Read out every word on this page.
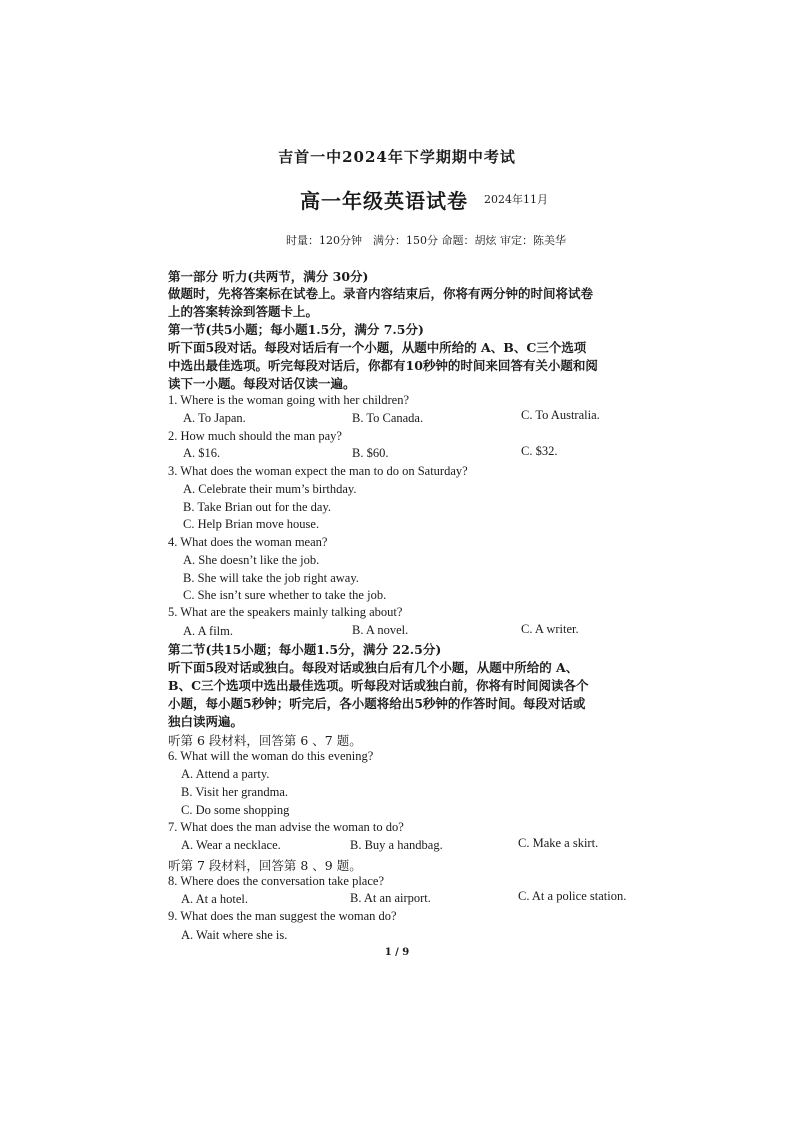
吉首一中2024年下学期期中考试
高一年级英语试卷 2024年11月
时量：120分钟　满分：150分 命题：胡炫 审定：陈美华
第一部分 听力(共两节，满分 30分)
做题时，先将答案标在试卷上。录音内容结束后，你将有两分钟的时间将试卷
上的答案转涂到答题卡上。
第一节(共5小题；每小题1.5分，满分 7.5分)
听下面5段对话。每段对话后有一个小题，从题中所给的 A、B、C三个选项
中选出最佳选项。听完每段对话后，你都有10秒钟的时间来回答有关小题和阅
读下一小题。每段对话仅读一遍。
1. Where is the woman going with her children?
A. To Japan.	B. To Canada.	C. To Australia.
2. How much should the man pay?
A. $16.	B. $60.	C. $32.
3. What does the woman expect the man to do on Saturday?
A. Celebrate their mum’s birthday.
B. Take Brian out for the day.
C. Help Brian move house.
4. What does the woman mean?
A. She doesn’t like the job.
B. She will take the job right away.
C. She isn’t sure whether to take the job.
5. What are the speakers mainly talking about?
A. A film.	B. A novel.	C. A writer.
第二节(共15小题；每小题1.5分，满分 22.5分)
听下面5段对话或独白。每段对话或独白后有几个小题，从题中所给的 A、
B、C三个选项中选出最佳选项。听每段对话或独白前，你将有时间阅读各个
小题，每小题5秒钟；听完后，各小题将给出5秒钟的作答时间。每段对话或
独白读两遍。
听第 6 段材料，回答第 6 、7 题。
6. What will the woman do this evening?
A. Attend a party.
B. Visit her grandma.
C. Do some shopping
7. What does the man advise the woman to do?
A. Wear a necklace.	B. Buy a handbag.	C. Make a skirt.
听第 7 段材料，回答第 8 、9 题。
8. Where does the conversation take place?
A. At a hotel.	B. At an airport.	C. At a police station.
9. What does the man suggest the woman do?
A. Wait where she is.
1 / 9
